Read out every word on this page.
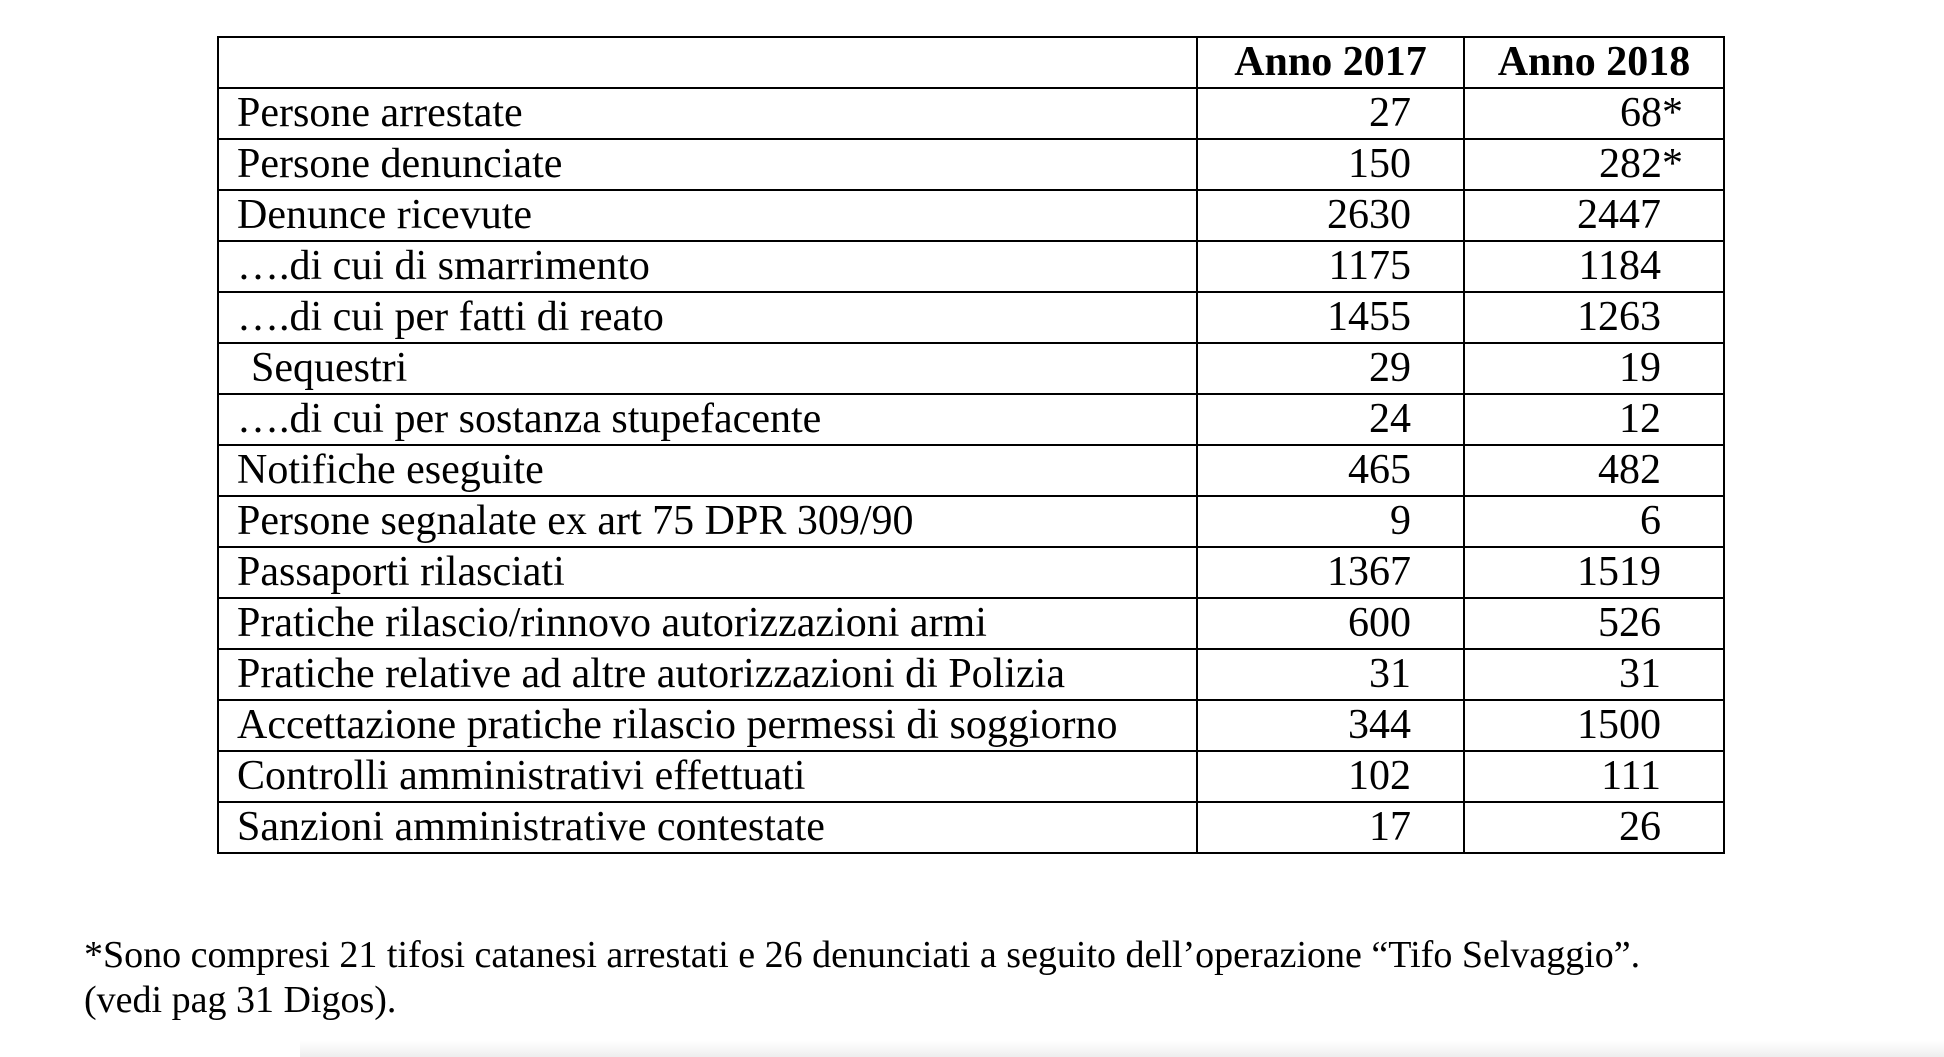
	Anno 2017	Anno 2018
Persone arrestate	27	68*
Persone denunciate	150	282*
Denunce ricevute	2630	2447
….di cui di smarrimento	1175	1184
….di cui per fatti di reato	1455	1263
Sequestri	29	19
….di cui per sostanza stupefacente	24	12
Notifiche eseguite	465	482
Persone segnalate ex art 75 DPR 309/90	9	6
Passaporti rilasciati	1367	1519
Pratiche rilascio/rinnovo autorizzazioni armi	600	526
Pratiche relative ad altre autorizzazioni di Polizia	31	31
Accettazione pratiche rilascio permessi di soggiorno	344	1500
Controlli amministrativi effettuati	102	111
Sanzioni amministrative contestate	17	26
*Sono compresi 21 tifosi catanesi arrestati e 26 denunciati a seguito dell’operazione “Tifo Selvaggio”.
(vedi pag 31 Digos).
